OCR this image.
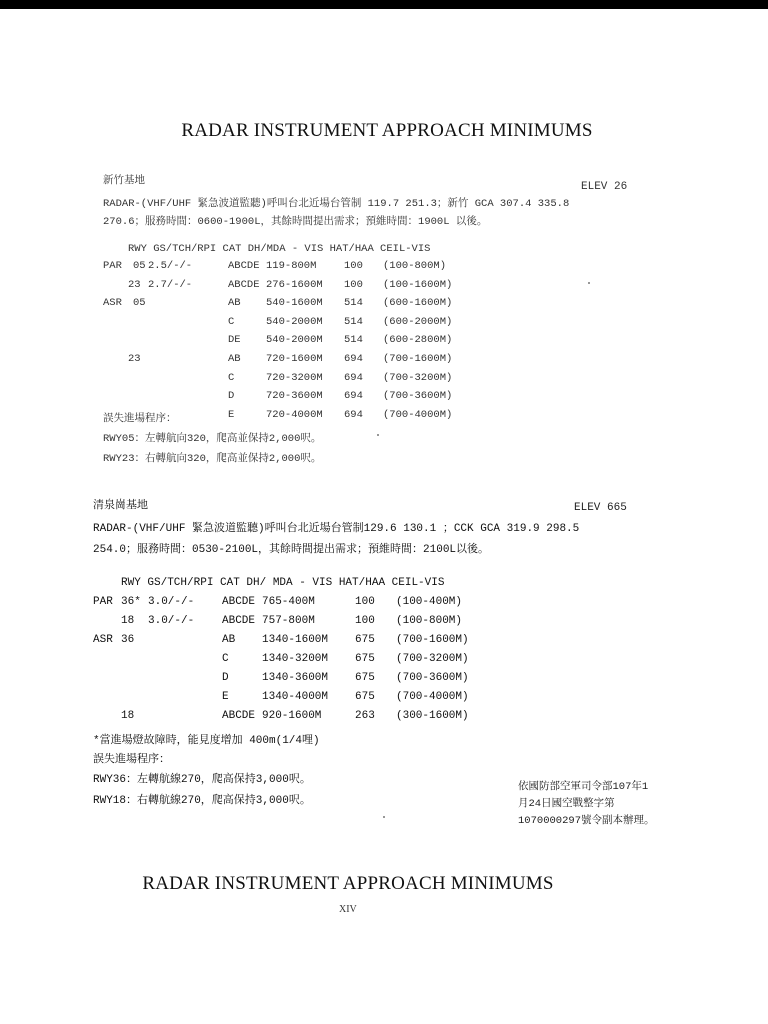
RADAR INSTRUMENT APPROACH MINIMUMS
新竹基地	ELEV 26
RADAR-(VHF/UHF 緊急波道監聽)呼叫台北近場台管制 119.7 251.3；新竹 GCA 307.4 335.8
270.6；服務時間：0600-1900L，其餘時間提出需求；預維時間：1900L 以後。
RWY GS/TCH/RPI CAT DH/MDA - VIS HAT/HAA CEIL-VIS
PAR 05 2.5/-/-	ABCDE 119-800M	100 (100-800M)
23 2.7/-/-	ABCDE 276-1600M 100 (100-1600M)
ASR 05	AB 540-1600M 514 (600-1600M)
C	540-2000M 514 (600-2000M)
DE 540-2000M 514 (600-2800M)
23	AB 720-1600M 694 (700-1600M)
C	720-3200M 694 (700-3200M)
D	720-3600M 694 (700-3600M)
E	720-4000M 694 (700-4000M)
誤失進場程序：
RWY05：左轉航向320，爬高並保持2,000呎。
RWY23：右轉航向320，爬高並保持2,000呎。
清泉崗基地	ELEV 665
RADAR-(VHF/UHF 緊急波道監聽)呼叫台北近場台管制129.6 130.1 ；CCK GCA 319.9 298.5
254.0；服務時間：0530-2100L，其餘時間提出需求；預維時間：2100L以後。
RWY GS/TCH/RPI CAT DH/ MDA - VIS HAT/HAA CEIL-VIS
PAR 36* 3.0/-/-	ABCDE 765-400M	100 (100-400M)
18 3.0/-/-	ABCDE 757-800M	100 (100-800M)
ASR 36	AB 1340-1600M 675 (700-1600M)
C	1340-3200M 675 (700-3200M)
D	1340-3600M 675 (700-3600M)
E	1340-4000M 675 (700-4000M)
18	ABCDE 920-1600M	263 (300-1600M)
*當進場燈故障時，能見度增加 400m(1/4哩)
誤失進場程序：
RWY36：左轉航線270，爬高保持3,000呎。
RWY18：右轉航線270，爬高保持3,000呎。
依國防部空軍司令部107年1
月24日國空戰整字第
1070000297號令副本辦理。
RADAR INSTRUMENT APPROACH MINIMUMS
XIV
